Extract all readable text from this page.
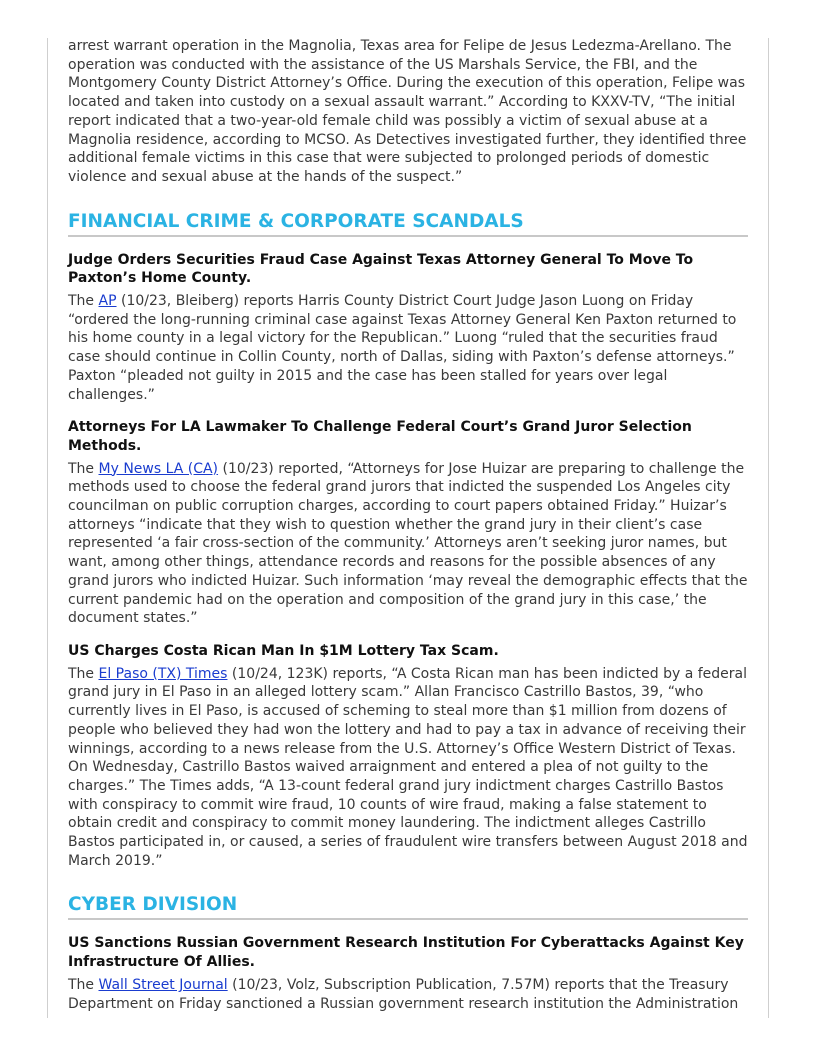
arrest warrant operation in the Magnolia, Texas area for Felipe de Jesus Ledezma-Arellano. The operation was conducted with the assistance of the US Marshals Service, the FBI, and the Montgomery County District Attorney’s Office. During the execution of this operation, Felipe was located and taken into custody on a sexual assault warrant.” According to KXXV-TV, “The initial report indicated that a two-year-old female child was possibly a victim of sexual abuse at a Magnolia residence, according to MCSO. As Detectives investigated further, they identified three additional female victims in this case that were subjected to prolonged periods of domestic violence and sexual abuse at the hands of the suspect.”

FINANCIAL CRIME & CORPORATE SCANDALS
Judge Orders Securities Fraud Case Against Texas Attorney General To Move To Paxton’s Home County.

The AP (10/23, Bleiberg) reports Harris County District Court Judge Jason Luong on Friday “ordered the long-running criminal case against Texas Attorney General Ken Paxton returned to his home county in a legal victory for the Republican.” Luong “ruled that the securities fraud case should continue in Collin County, north of Dallas, siding with Paxton’s defense attorneys.” Paxton “pleaded not guilty in 2015 and the case has been stalled for years over legal challenges.”

Attorneys For LA Lawmaker To Challenge Federal Court’s Grand Juror Selection Methods.

The My News LA (CA) (10/23) reported, “Attorneys for Jose Huizar are preparing to challenge the methods used to choose the federal grand jurors that indicted the suspended Los Angeles city councilman on public corruption charges, according to court papers obtained Friday.” Huizar’s attorneys “indicate that they wish to question whether the grand jury in their client’s case represented ‘a fair cross-section of the community.’ Attorneys aren’t seeking juror names, but want, among other things, attendance records and reasons for the possible absences of any grand jurors who indicted Huizar. Such information ‘may reveal the demographic effects that the current pandemic had on the operation and composition of the grand jury in this case,’ the document states.”

US Charges Costa Rican Man In $1M Lottery Tax Scam.

The El Paso (TX) Times (10/24, 123K) reports, “A Costa Rican man has been indicted by a federal grand jury in El Paso in an alleged lottery scam.” Allan Francisco Castrillo Bastos, 39, “who currently lives in El Paso, is accused of scheming to steal more than $1 million from dozens of people who believed they had won the lottery and had to pay a tax in advance of receiving their winnings, according to a news release from the U.S. Attorney’s Office Western District of Texas. On Wednesday, Castrillo Bastos waived arraignment and entered a plea of not guilty to the charges.” The Times adds, “A 13-count federal grand jury indictment charges Castrillo Bastos with conspiracy to commit wire fraud, 10 counts of wire fraud, making a false statement to obtain credit and conspiracy to commit money laundering. The indictment alleges Castrillo Bastos participated in, or caused, a series of fraudulent wire transfers between August 2018 and March 2019.”

CYBER DIVISION
US Sanctions Russian Government Research Institution For Cyberattacks Against Key Infrastructure Of Allies.

The Wall Street Journal (10/23, Volz, Subscription Publication, 7.57M) reports that the Treasury Department on Friday sanctioned a Russian government research institution the Administration
